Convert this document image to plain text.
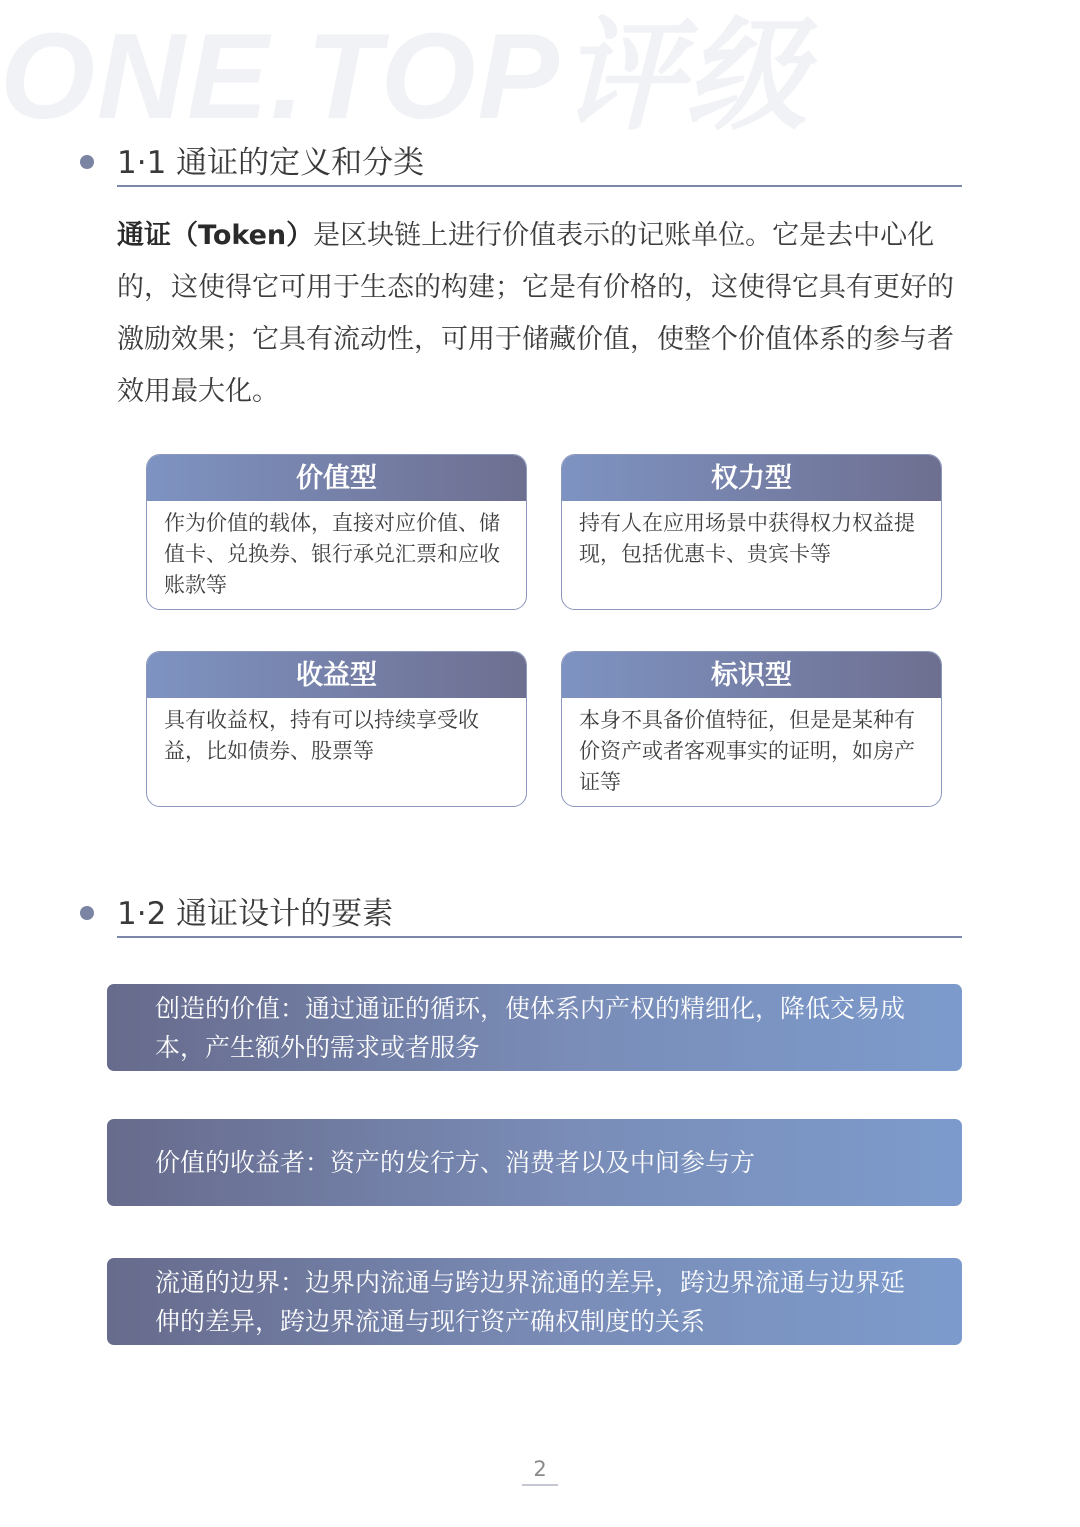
ONE.TOP评级
1·1 通证的定义和分类
通证（Token）是区块链上进行价值表示的记账单位。它是去中心化的，这使得它可用于生态的构建；它是有价格的，这使得它具有更好的激励效果；它具有流动性，可用于储藏价值，使整个价值体系的参与者效用最大化。
价值型
作为价值的载体，直接对应价值、储值卡、兑换券、银行承兑汇票和应收账款等
权力型
持有人在应用场景中获得权力权益提现，包括优惠卡、贵宾卡等
收益型
具有收益权，持有可以持续享受收益，比如债券、股票等
标识型
本身不具备价值特征，但是是某种有价资产或者客观事实的证明，如房产证等
1·2 通证设计的要素
创造的价值：通过通证的循环，使体系内产权的精细化，降低交易成本，产生额外的需求或者服务
价值的收益者：资产的发行方、消费者以及中间参与方
流通的边界：边界内流通与跨边界流通的差异，跨边界流通与边界延伸的差异，跨边界流通与现行资产确权制度的关系
2
